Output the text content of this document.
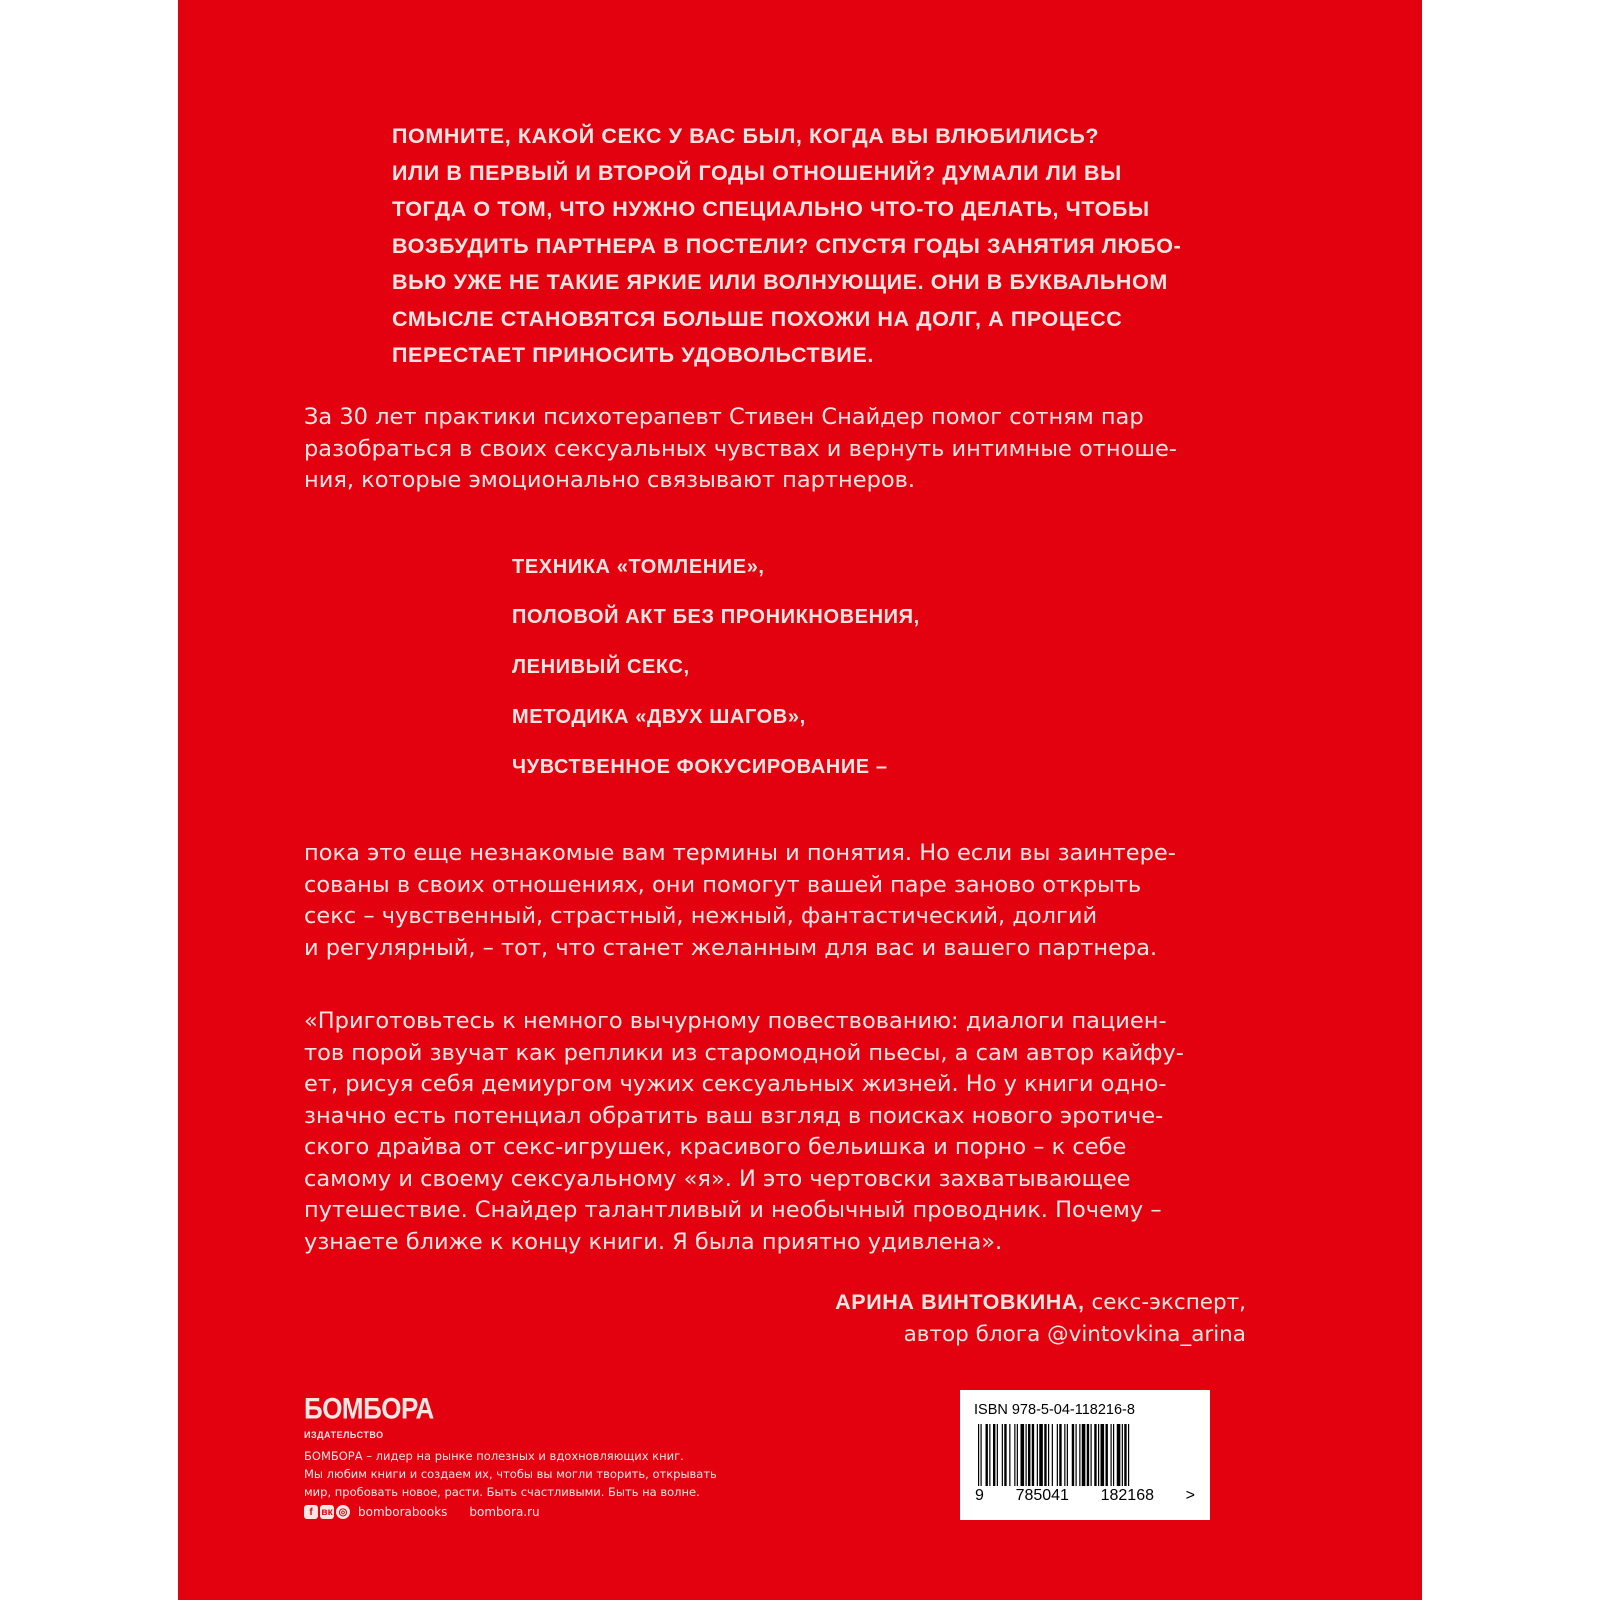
ПОМНИТЕ, КАКОЙ СЕКС У ВАС БЫЛ, КОГДА ВЫ ВЛЮБИЛИСЬ?
ИЛИ В ПЕРВЫЙ И ВТОРОЙ ГОДЫ ОТНОШЕНИЙ? ДУМАЛИ ЛИ ВЫ
ТОГДА О ТОМ, ЧТО НУЖНО СПЕЦИАЛЬНО ЧТО-ТО ДЕЛАТЬ, ЧТОБЫ
ВОЗБУДИТЬ ПАРТНЕРА В ПОСТЕЛИ? СПУСТЯ ГОДЫ ЗАНЯТИЯ ЛЮБО-
ВЬЮ УЖЕ НЕ ТАКИЕ ЯРКИЕ ИЛИ ВОЛНУЮЩИЕ. ОНИ В БУКВАЛЬНОМ
СМЫСЛЕ СТАНОВЯТСЯ БОЛЬШЕ ПОХОЖИ НА ДОЛГ, А ПРОЦЕСС
ПЕРЕСТАЕТ ПРИНОСИТЬ УДОВОЛЬСТВИЕ.

За 30 лет практики психотерапевт Стивен Снайдер помог сотням пар
разобраться в своих сексуальных чувствах и вернуть интимные отноше-
ния, которые эмоционально связывают партнеров.

ТЕХНИКА «ТОМЛЕНИЕ»,
ПОЛОВОЙ АКТ БЕЗ ПРОНИКНОВЕНИЯ,
ЛЕНИВЫЙ СЕКС,
МЕТОДИКА «ДВУХ ШАГОВ»,
ЧУВСТВЕННОЕ ФОКУСИРОВАНИЕ –

пока это еще незнакомые вам термины и понятия. Но если вы заинтере-
сованы в своих отношениях, они помогут вашей паре заново открыть
секс – чувственный, страстный, нежный, фантастический, долгий
и регулярный, – тот, что станет желанным для вас и вашего партнера.

«Приготовьтесь к немного вычурному повествованию: диалоги пациен-
тов порой звучат как реплики из старомодной пьесы, а сам автор кайфу-
ет, рисуя себя демиургом чужих сексуальных жизней. Но у книги одно-
значно есть потенциал обратить ваш взгляд в поисках нового эротиче-
ского драйва от секс-игрушек, красивого бельишка и порно – к себе
самому и своему сексуальному «я». И это чертовски захватывающее
путешествие. Снайдер талантливый и необычный проводник. Почему –
узнаете ближе к концу книги. Я была приятно удивлена».

АРИНА ВИНТОВКИНА, секс-эксперт,
автор блога @vintovkina_arina
БОМБОРА
ИЗДАТЕЛЬСТВО
БОМБОРА – лидер на рынке полезных и вдохновляющих книг.
Мы любим книги и создаем их, чтобы вы могли творить, открывать
мир, пробовать новое, расти. Быть счастливыми. Быть на волне.
f вк ◎ bomborabooks bombora.ru
ISBN 978-5-04-118216-8
9 785041 182168 >
